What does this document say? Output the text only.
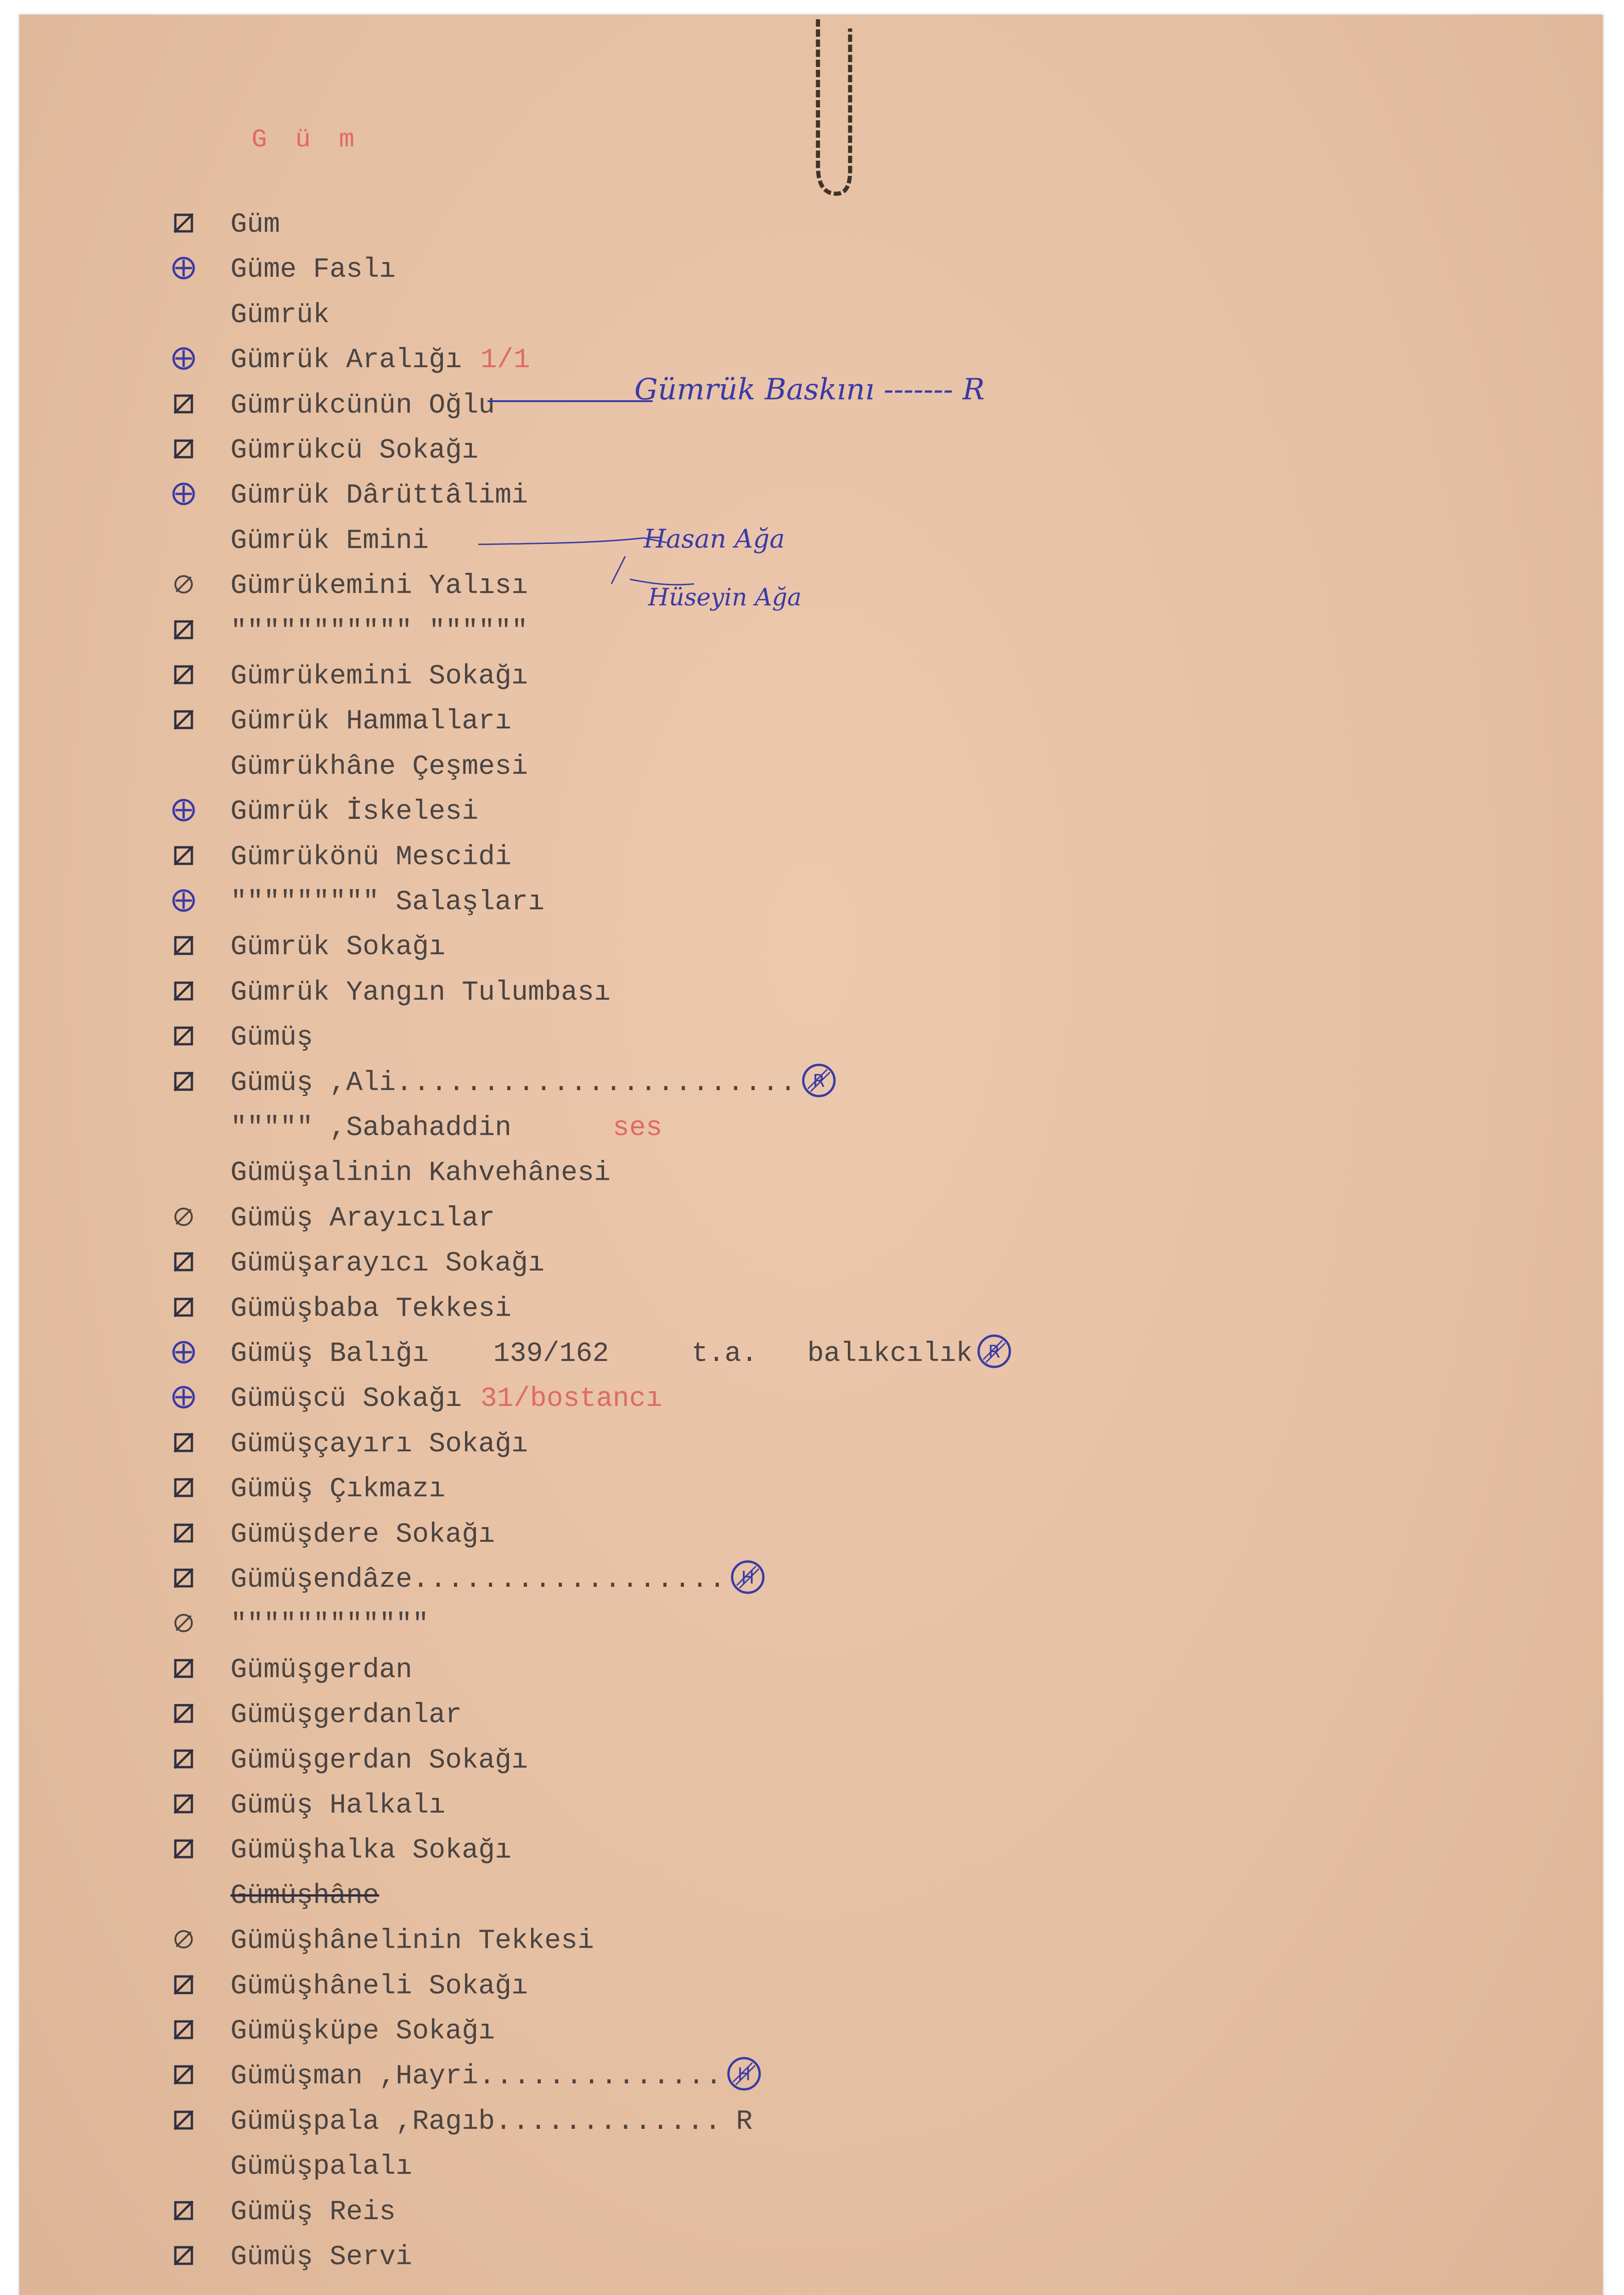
G ü m
Güm
Güme Faslı
Gümrük
Gümrük Aralığı 1/1
Gümrükcünün Oğlu
Gümrükcü Sokağı
Gümrük Dârüttâlimi
Gümrük Emini
Gümrükemini Yalısı
""""""""""" """"""
Gümrükemini Sokağı
Gümrük Hammalları
Gümrükhâne Çeşmesi
Gümrük İskelesi
Gümrükönü Mescidi
""""""""" Salaşları
Gümrük Sokağı
Gümrük Yangın Tulumbası
Gümüş
Gümüş ,Ali ....................... R
""""" ,Sabahaddin	ses
Gümüşalinin Kahvehânesi
Gümüş Arayıcılar
Gümüşarayıcı Sokağı
Gümüşbaba Tekkesi
Gümüş Balığı 139/162     t.a.   balıkcılık R
Gümüşcü Sokağı 31/bostancı
Gümüşçayırı Sokağı
Gümüş Çıkmazı
Gümüşdere Sokağı
Gümüşendâze .................. H
""""""""""""
Gümüşgerdan
Gümüşgerdanlar
Gümüşgerdan Sokağı
Gümüş Halkalı
Gümüşhalka Sokağı
Gümüşhâne
Gümüşhânelinin Tekkesi
Gümüşhâneli Sokağı
Gümüşküpe Sokağı
Gümüşman ,Hayri .............. H
Gümüşpala ,Ragıb ............. R
Gümüşpalalı
Gümüş Reis
Gümüş Servi
Gümrük Baskını ------- R
Hasan Ağa
Hüseyin Ağa
